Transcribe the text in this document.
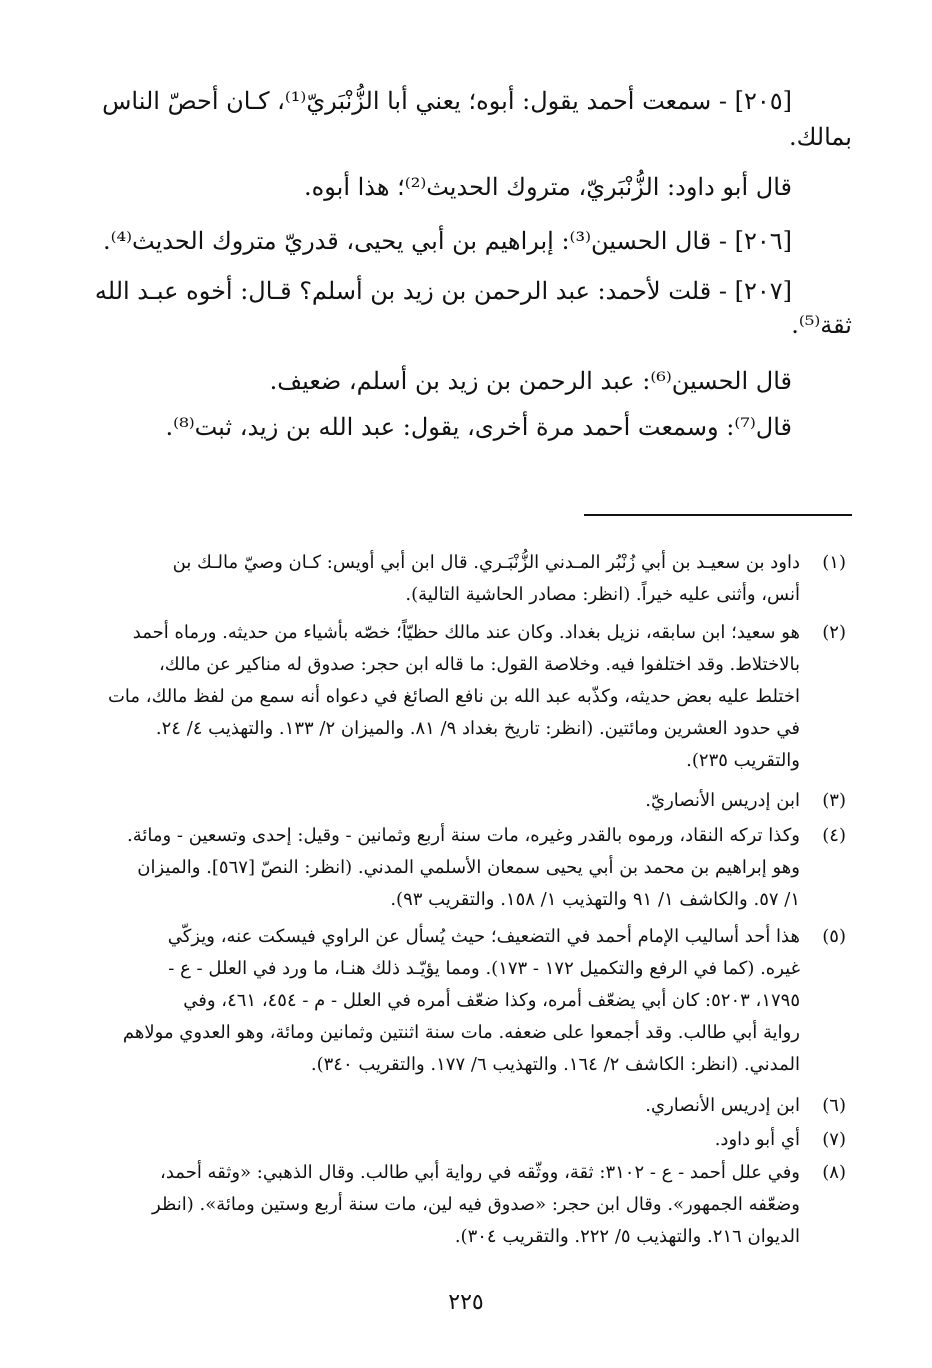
[٢٠٥] - سمعت أحمد يقول: أبوه؛ يعني أبا الزُّنْبَريّ⁽¹⁾، كـان أحصّ الناس

بمالك.

قال أبو داود: الزُّنْبَريّ، متروك الحديث⁽²⁾؛ هذا أبوه.

[٢٠٦] - قال الحسين⁽³⁾: إبراهيم بن أبي يحيى، قدريّ متروك الحديث⁽⁴⁾.

[٢٠٧] - قلت لأحمد: عبد الرحمن بن زيد بن أسلم؟ قـال: أخوه عبـد الله

ثقة⁽⁵⁾.

قال الحسين⁽⁶⁾: عبد الرحمن بن زيد بن أسلم، ضعيف.

قال⁽⁷⁾: وسمعت أحمد مرة أخرى، يقول: عبد الله بن زيد، ثبت⁽⁸⁾.

(١)
داود بن سعيـد بن أبي زُنْبُر المـدني الزُّنْبَـري. قال ابن أبي أويس: كـان وصيّ مالـك بن
أنس، وأثنى عليه خيراً. (انظر: مصادر الحاشية التالية).
(٢)
هو سعيد؛ ابن سابقه، نزيل بغداد. وكان عند مالك حظيّاً؛ خصّه بأشياء من حديثه. ورماه أحمد
بالاختلاط. وقد اختلفوا فيه. وخلاصة القول: ما قاله ابن حجر: صدوق له مناكير عن مالك،
اختلط عليه بعض حديثه، وكذّبه عبد الله بن نافع الصائغ في دعواه أنه سمع من لفظ مالك، مات
في حدود العشرين ومائتين. (انظر: تاريخ بغداد ٩/ ٨١. والميزان ٢/ ١٣٣. والتهذيب ٤/ ٢٤.
والتقريب ٢٣٥).
(٣)
ابن إدريس الأنصاريّ.
(٤)
وكذا تركه النقاد، ورموه بالقدر وغيره، مات سنة أربع وثمانين - وقيل: إحدى وتسعين - ومائة.
وهو إبراهيم بن محمد بن أبي يحيى سمعان الأسلمي المدني. (انظر: النصّ [٥٦٧]. والميزان
١/ ٥٧. والكاشف ١/ ٩١ والتهذيب ١/ ١٥٨. والتقريب ٩٣).
(٥)
هذا أحد أساليب الإمام أحمد في التضعيف؛ حيث يُسأل عن الراوي فيسكت عنه، ويزكّي
غيره. (كما في الرفع والتكميل ١٧٢ - ١٧٣). ومما يؤيّـد ذلك هنـا، ما ورد في العلل - ع -
١٧٩٥، ٥٢٠٣: كان أبي يضعّف أمره، وكذا ضعّف أمره في العلل - م - ٤٥٤، ٤٦١، وفي
رواية أبي طالب. وقد أجمعوا على ضعفه. مات سنة اثنتين وثمانين ومائة، وهو العدوي مولاهم
المدني. (انظر: الكاشف ٢/ ١٦٤. والتهذيب ٦/ ١٧٧. والتقريب ٣٤٠).
(٦)
ابن إدريس الأنصاري.
(٧)
أي أبو داود.
(٨)
وفي علل أحمد - ع - ٣١٠٢: ثقة، ووثّقه في رواية أبي طالب. وقال الذهبي: «وثقه أحمد،
وضعّفه الجمهور». وقال ابن حجر: «صدوق فيه لين، مات سنة أربع وستين ومائة». (انظر
الديوان ٢١٦. والتهذيب ٥/ ٢٢٢. والتقريب ٣٠٤).
٢٢٥
